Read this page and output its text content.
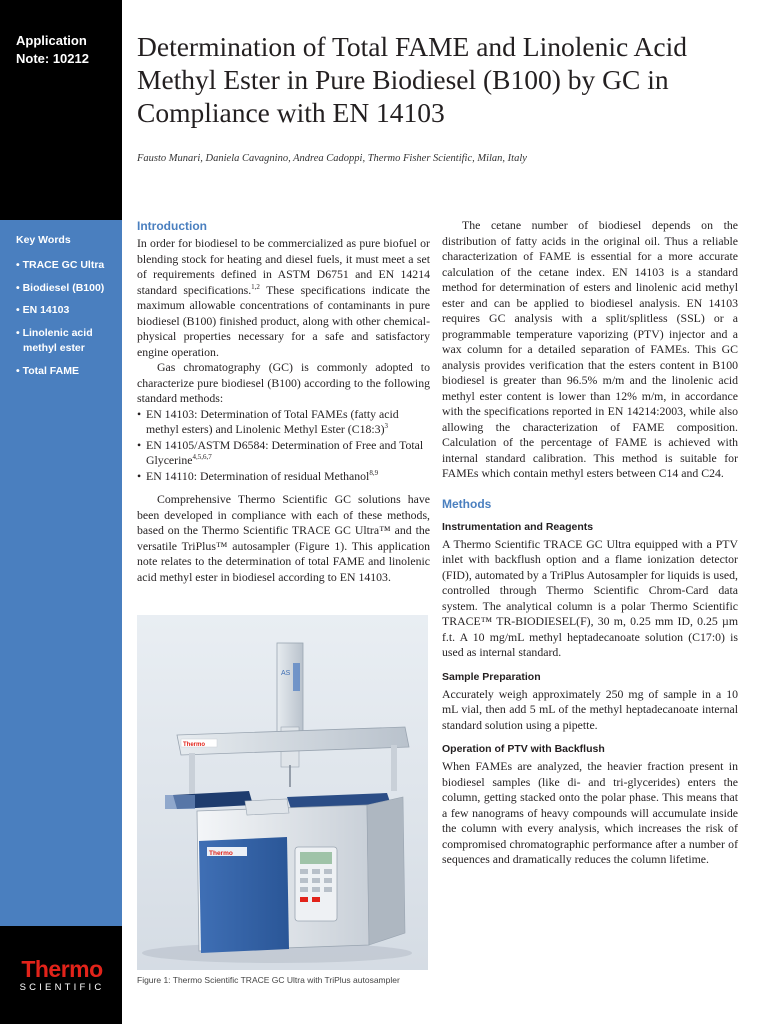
Application
Note: 10212
Key Words
• TRACE GC Ultra
• Biodiesel (B100)
• EN 14103
• Linolenic acid methyl ester
• Total FAME
Thermo
SCIENTIFIC
Determination of Total FAME and Linolenic Acid Methyl Ester in Pure Biodiesel (B100) by GC in Compliance with EN 14103
Fausto Munari, Daniela Cavagnino, Andrea Cadoppi, Thermo Fisher Scientific, Milan, Italy
Introduction

In order for biodiesel to be commercialized as pure biofuel or blending stock for heating and diesel fuels, it must meet a set of requirements defined in ASTM D6751 and EN 14214 standard specifications.$^{1,2}$ These specifications indicate the maximum allowable concentrations of contaminants in pure biodiesel (B100) finished product, along with other chemical-physical properties necessary for a safe and satisfactory engine operation.

Gas chromatography (GC) is commonly adopted to characterize pure biodiesel (B100) according to the following standard methods:

• EN 14103: Determination of Total FAMEs (fatty acid methyl esters) and Linolenic Methyl Ester (C18:3)$^3$
• EN 14105/ASTM D6584: Determination of Free and Total Glycerine$^{4,5,6,7}$
• EN 14110: Determination of residual Methanol$^{8,9}$

Comprehensive Thermo Scientific GC solutions have been developed in compliance with each of these methods, based on the Thermo Scientific TRACE GC Ultra™ and the versatile TriPlus™ autosampler (Figure 1). This application note relates to the determination of total FAME and linolenic acid methyl ester in biodiesel according to EN 14103.

AS
Thermo
Thermo
Figure 1: Thermo Scientific TRACE GC Ultra with TriPlus autosampler

The cetane number of biodiesel depends on the distribution of fatty acids in the original oil. Thus a reliable characterization of FAME is essential for a more accurate calculation of the cetane index. EN 14103 is a standard method for determination of esters and linolenic acid methyl ester and can be applied to biodiesel analysis. EN 14103 requires GC analysis with a split/splitless (SSL) or a programmable temperature vaporizing (PTV) injector and a wax column for a detailed separation of FAMEs. This GC analysis provides verification that the esters content in B100 biodiesel is greater than 96.5% m/m and the linolenic acid methyl ester content is lower than 12% m/m, in accordance with the specifications reported in EN 14214:2003, while also allowing the characterization of FAME composition. Calculation of the percentage of FAME is achieved with internal standard calibration. This method is suitable for FAMEs which contain methyl esters between C14 and C24.

Methods
Instrumentation and Reagents

A Thermo Scientific TRACE GC Ultra equipped with a PTV inlet with backflush option and a flame ionization detector (FID), automated by a TriPlus Autosampler for liquids is used, controlled through Thermo Scientific Chrom-Card data system. The analytical column is a polar Thermo Scientific TRACE™ TR-BIODIESEL(F), 30 m, 0.25 mm ID, 0.25 µm f.t. A 10 mg/mL methyl heptadecanoate solution (C17:0) is used as internal standard.

Sample Preparation

Accurately weigh approximately 250 mg of sample in a 10 mL vial, then add 5 mL of the methyl heptadecanoate internal standard solution using a pipette.

Operation of PTV with Backflush

When FAMEs are analyzed, the heavier fraction present in biodiesel samples (like di- and tri-glycerides) enters the column, getting stacked onto the polar phase. This means that a few nanograms of heavy compounds will accumulate inside the column with every analysis, which increases the risk of compromised chromatographic performance after a number of sequences and dramatically reduces the column lifetime.
